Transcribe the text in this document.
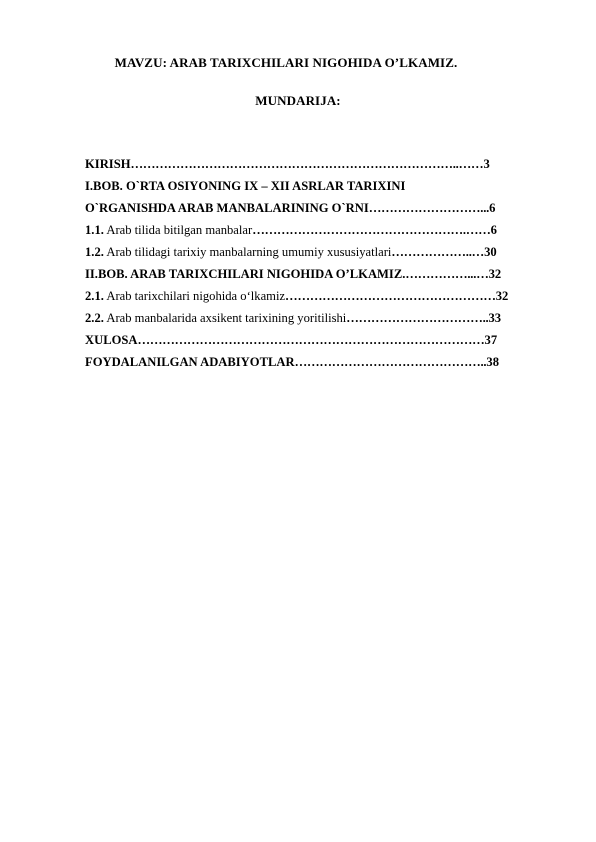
MAVZU: ARAB TARIXCHILARI NIGOHIDA O’LKAMIZ.
MUNDARIJA:
KIRISH……………………………………………………………………..……3
I.BOB. O`RTA OSIYONING IX – XII ASRLAR TARIXINI
O`RGANISHDA ARAB MANBALARINING O`RNI………………………...6
1.1. Arab tilida bitilgan manbalar…………………………………………….……6
1.2. Arab tilidagi tarixiy manbalarning umumiy xususiyatlari………………..…30
II.BOB. ARAB TARIXCHILARI NIGOHIDA O’LKAMIZ.……………...…32
2.1. Arab tarixchilari nigohida o‘lkamiz……………………………………………32
2.2. Arab manbalarida axsikent tarixining yoritilishi……………………………..33
XULOSA…………………………………………………………………………37
FOYDALANILGAN ADABIYOTLAR………………………………………..38
